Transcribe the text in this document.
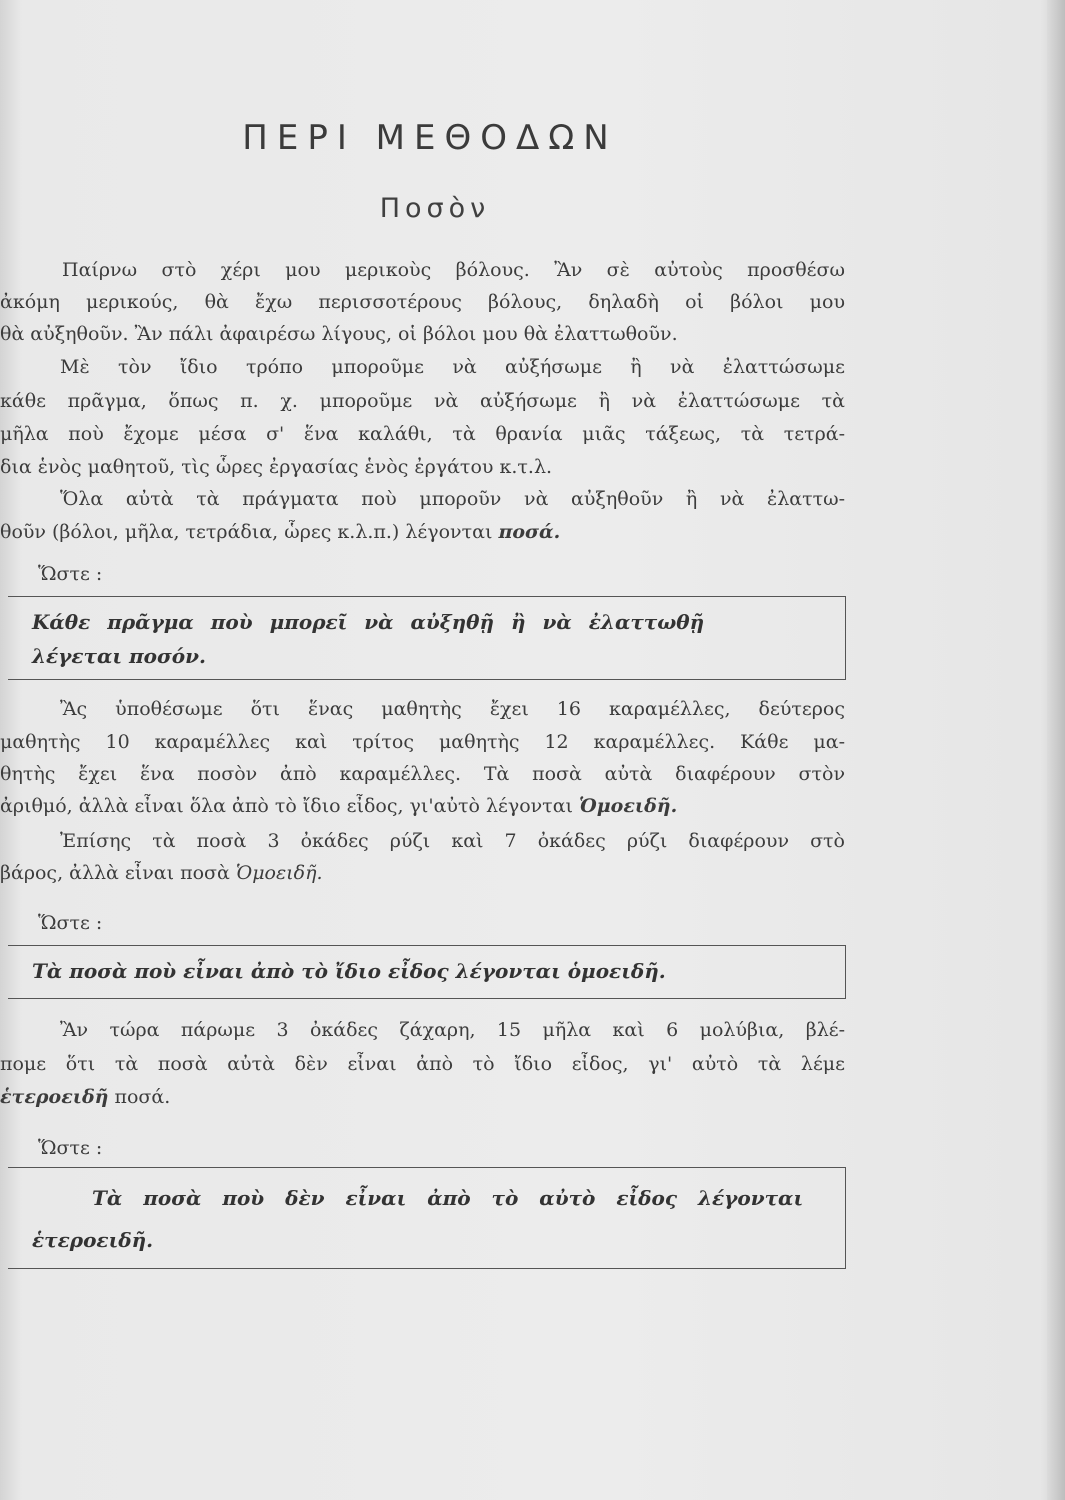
ΠΕΡΙ ΜΕΘΟΔΩΝ
Ποσὸν
Παίρνω στὸ χέρι μου μερικοὺς βόλους. Ἂν σὲ αὐτοὺς προσθέσω
ἀκόμη μερικούς, θὰ ἔχω περισσοτέρους βόλους, δηλαδὴ οἱ βόλοι μου
θὰ αὐξηθοῦν. Ἂν πάλι ἀφαιρέσω λίγους, οἱ βόλοι μου θὰ ἐλαττωθοῦν.
Μὲ τὸν ἴδιο τρόπο μποροῦμε νὰ αὐξήσωμε ἢ νὰ ἐλαττώσωμε
κάθε πρᾶγμα, ὅπως π. χ. μποροῦμε νὰ αὐξήσωμε ἢ νὰ ἐλαττώσωμε τὰ
μῆλα ποὺ ἔχομε μέσα σ' ἕνα καλάθι, τὰ θρανία μιᾶς τάξεως, τὰ τετρά-
δια ἑνὸς μαθητοῦ, τὶς ὧρες ἐργασίας ἑνὸς ἐργάτου κ.τ.λ.
Ὅλα αὐτὰ τὰ πράγματα ποὺ μποροῦν νὰ αὐξηθοῦν ἢ νὰ ἐλαττω-
θοῦν (βόλοι, μῆλα, τετράδια, ὧρες κ.λ.π.) λέγονται ποσά.
Ὥστε :
Κάθε πρᾶγμα ποὺ μπορεῖ νὰ αὐξηθῇ ἢ νὰ ἐλαττωθῇ
λέγεται ποσόν.
Ἂς ὑποθέσωμε ὅτι ἕνας μαθητὴς ἔχει 16 καραμέλλες, δεύτερος
μαθητὴς 10 καραμέλλες καὶ τρίτος μαθητὴς 12 καραμέλλες. Κάθε μα-
θητὴς ἔχει ἕνα ποσὸν ἀπὸ καραμέλλες. Τὰ ποσὰ αὐτὰ διαφέρουν στὸν
ἀριθμό, ἀλλὰ εἶναι ὅλα ἀπὸ τὸ ἴδιο εἶδος, γι'αὐτὸ λέγονται Ὁμοειδῆ.
Ἐπίσης τὰ ποσὰ 3 ὀκάδες ρύζι καὶ 7 ὀκάδες ρύζι διαφέρουν στὸ
βάρος, ἀλλὰ εἶναι ποσὰ Ὁμοειδῆ.
Ὥστε :
Τὰ ποσὰ ποὺ εἶναι ἀπὸ τὸ ἴδιο εἶδος λέγονται ὁμοειδῆ.
Ἂν τώρα πάρωμε 3 ὀκάδες ζάχαρη, 15 μῆλα καὶ 6 μολύβια, βλέ-
πομε ὅτι τὰ ποσὰ αὐτὰ δὲν εἶναι ἀπὸ τὸ ἴδιο εἶδος, γι' αὐτὸ τὰ λέμε
ἑτεροειδῆ ποσά.
Ὥστε :
Τὰ ποσὰ ποὺ δὲν εἶναι ἀπὸ τὸ αὐτὸ εἶδος λέγονται
ἑτεροειδῆ.
